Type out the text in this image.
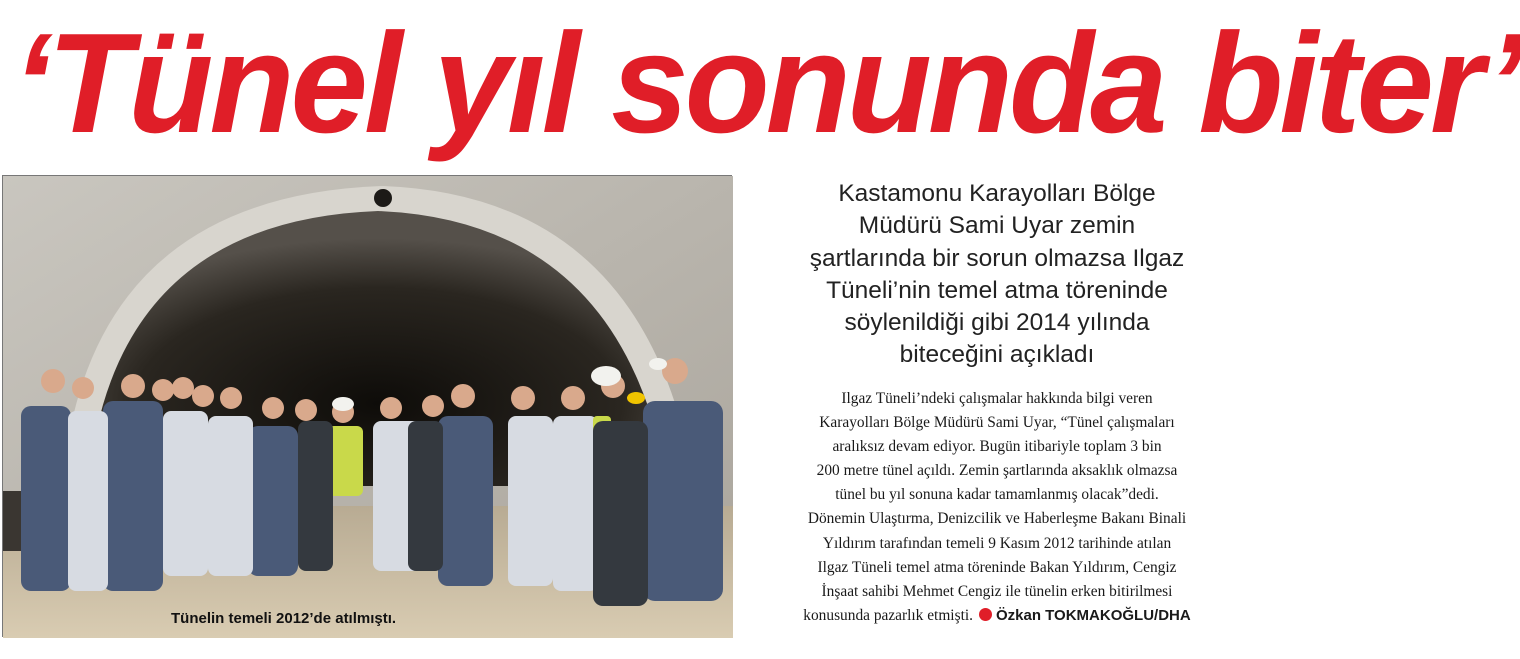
‘Tünel yıl sonunda biter’
Tünelin temeli 2012’de atılmıştı.
Kastamonu Karayolları Bölge
Müdürü Sami Uyar zemin
şartlarında bir sorun olmazsa Ilgaz
Tüneli’nin temel atma töreninde
söylenildiği gibi 2014 yılında
biteceğini açıkladı
Ilgaz Tüneli’ndeki çalışmalar hakkında bilgi veren
Karayolları Bölge Müdürü Sami Uyar, “Tünel çalışmaları
aralıksız devam ediyor. Bugün itibariyle toplam 3 bin
200 metre tünel açıldı. Zemin şartlarında aksaklık olmazsa
tünel bu yıl sonuna kadar tamamlanmış olacak”dedi.
Dönemin Ulaştırma, Denizcilik ve Haberleşme Bakanı Binali
Yıldırım tarafından temeli 9 Kasım 2012 tarihinde atılan
Ilgaz Tüneli temel atma töreninde Bakan Yıldırım, Cengiz
İnşaat sahibi Mehmet Cengiz ile tünelin erken bitirilmesi
konusunda pazarlık etmişti. Özkan TOKMAKOĞLU/DHA
